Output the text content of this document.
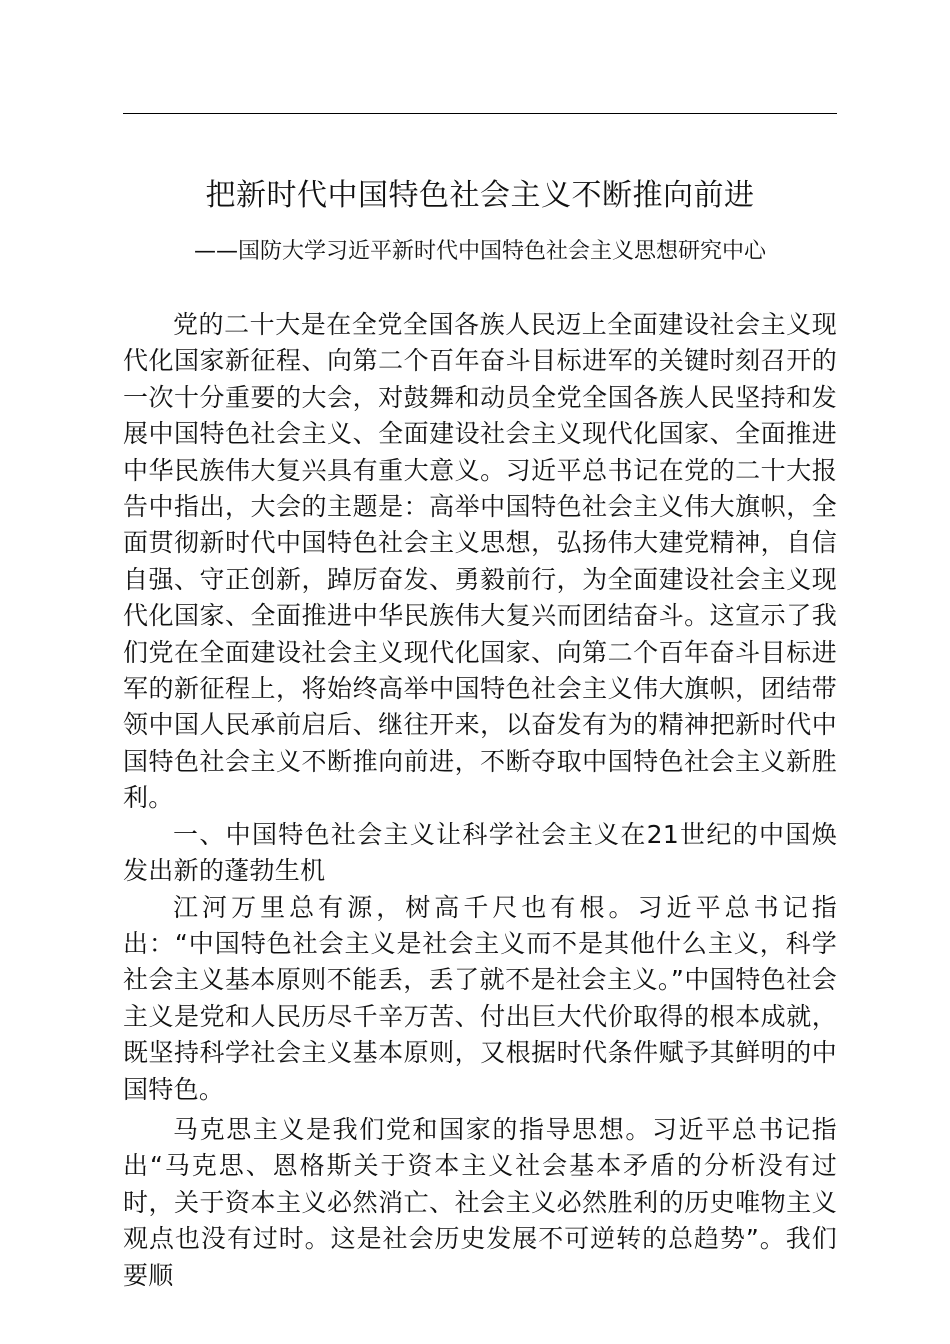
把新时代中国特色社会主义不断推向前进

——国防大学习近平新时代中国特色社会主义思想研究中心

党的二十大是在全党全国各族人民迈上全面建设社会主义现代化国家新征程、向第二个百年奋斗目标进军的关键时刻召开的一次十分重要的大会，对鼓舞和动员全党全国各族人民坚持和发展中国特色社会主义、全面建设社会主义现代化国家、全面推进中华民族伟大复兴具有重大意义。习近平总书记在党的二十大报告中指出，大会的主题是：高举中国特色社会主义伟大旗帜，全面贯彻新时代中国特色社会主义思想，弘扬伟大建党精神，自信自强、守正创新，踔厉奋发、勇毅前行，为全面建设社会主义现代化国家、全面推进中华民族伟大复兴而团结奋斗。这宣示了我们党在全面建设社会主义现代化国家、向第二个百年奋斗目标进军的新征程上，将始终高举中国特色社会主义伟大旗帜，团结带领中国人民承前启后、继往开来，以奋发有为的精神把新时代中国特色社会主义不断推向前进，不断夺取中国特色社会主义新胜利。

一、中国特色社会主义让科学社会主义在21世纪的中国焕发出新的蓬勃生机

江河万里总有源，树高千尺也有根。习近平总书记指出：“中国特色社会主义是社会主义而不是其他什么主义，科学社会主义基本原则不能丢，丢了就不是社会主义。”中国特色社会主义是党和人民历尽千辛万苦、付出巨大代价取得的根本成就，既坚持科学社会主义基本原则，又根据时代条件赋予其鲜明的中国特色。

马克思主义是我们党和国家的指导思想。习近平总书记指出“马克思、恩格斯关于资本主义社会基本矛盾的分析没有过时，关于资本主义必然消亡、社会主义必然胜利的历史唯物主义观点也没有过时。这是社会历史发展不可逆转的总趋势”。我们要顺
